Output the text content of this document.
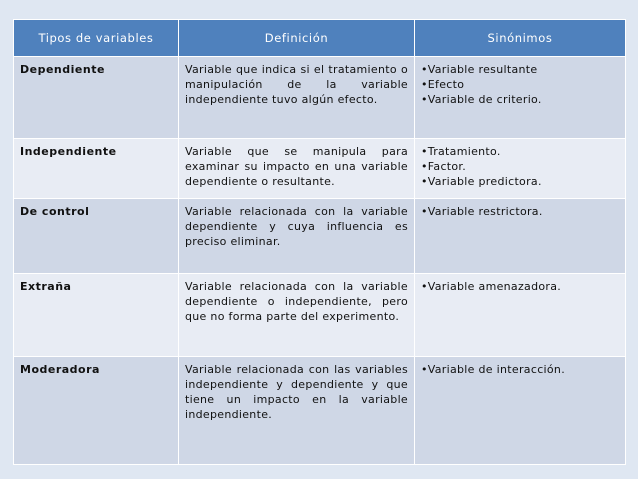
Tipos de variables	Definición	Sinónimos
Dependiente	Variable que indica si el tratamiento o manipulación de la variable independiente tuvo algún efecto.	•Variable resultante
•Efecto
•Variable de criterio.

Independiente	Variable que se manipula para examinar su impacto en una variable dependiente o resultante.	•Tratamiento.
•Factor.
•Variable predictora.

De control	Variable relacionada con la variable dependiente y cuya influencia es preciso eliminar.	•Variable restrictora.

Extraña	Variable relacionada con la variable dependiente o independiente, pero que no forma parte del experimento.	•Variable amenazadora.

Moderadora	Variable relacionada con las variables independiente y dependiente y que tiene un impacto en la variable independiente.	•Variable de interacción.
